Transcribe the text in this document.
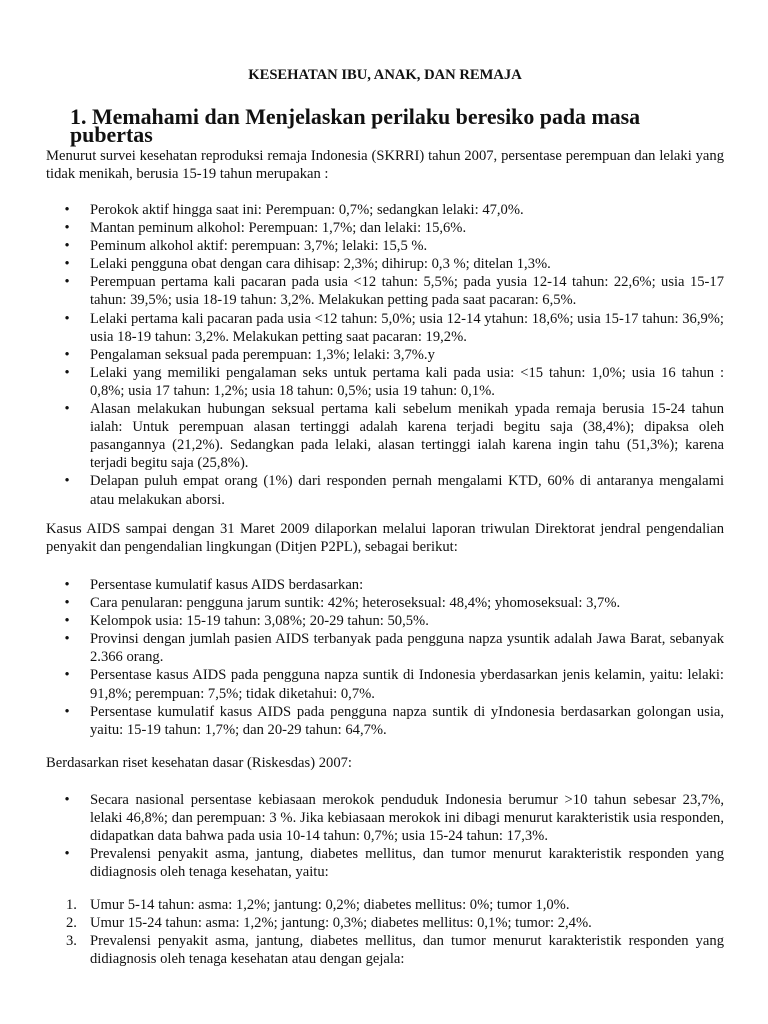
KESEHATAN IBU, ANAK, DAN REMAJA
1. Memahami dan Menjelaskan perilaku beresiko pada masa pubertas

Menurut survei kesehatan reproduksi remaja Indonesia (SKRRI) tahun 2007, persentase perempuan dan lelaki yang tidak menikah, berusia 15-19 tahun merupakan :

• Perokok aktif hingga saat ini: Perempuan: 0,7%; sedangkan lelaki: 47,0%.
• Mantan peminum alkohol: Perempuan: 1,7%; dan lelaki: 15,6%.
• Peminum alkohol aktif: perempuan: 3,7%; lelaki: 15,5 %.
• Lelaki pengguna obat dengan cara dihisap: 2,3%; dihirup: 0,3 %; ditelan 1,3%.
• Perempuan pertama kali pacaran pada usia <12 tahun: 5,5%; pada yusia 12-14 tahun: 22,6%; usia 15-17 tahun: 39,5%; usia 18-19 tahun: 3,2%. Melakukan petting pada saat pacaran: 6,5%.
• Lelaki pertama kali pacaran pada usia <12 tahun: 5,0%; usia 12-14 ytahun: 18,6%; usia 15-17 tahun: 36,9%; usia 18-19 tahun: 3,2%. Melakukan petting saat pacaran: 19,2%.
• Pengalaman seksual pada perempuan: 1,3%; lelaki: 3,7%.y
• Lelaki yang memiliki pengalaman seks untuk pertama kali pada usia: <15 tahun: 1,0%; usia 16 tahun : 0,8%; usia 17 tahun: 1,2%; usia 18 tahun: 0,5%; usia 19 tahun: 0,1%.
• Alasan melakukan hubungan seksual pertama kali sebelum menikah ypada remaja berusia 15-24 tahun ialah: Untuk perempuan alasan tertinggi adalah karena terjadi begitu saja (38,4%); dipaksa oleh pasangannya (21,2%). Sedangkan pada lelaki, alasan tertinggi ialah karena ingin tahu (51,3%); karena terjadi begitu saja (25,8%).
• Delapan puluh empat orang (1%) dari responden pernah mengalami KTD, 60% di antaranya mengalami atau melakukan aborsi.

Kasus AIDS sampai dengan 31 Maret 2009 dilaporkan melalui laporan triwulan Direktorat jendral pengendalian penyakit dan pengendalian lingkungan (Ditjen P2PL), sebagai berikut:

• Persentase kumulatif kasus AIDS berdasarkan:
• Cara penularan: pengguna jarum suntik: 42%; heteroseksual: 48,4%; yhomoseksual: 3,7%.
• Kelompok usia: 15-19 tahun: 3,08%; 20-29 tahun: 50,5%.
• Provinsi dengan jumlah pasien AIDS terbanyak pada pengguna napza ysuntik adalah Jawa Barat, sebanyak 2.366 orang.
• Persentase kasus AIDS pada pengguna napza suntik di Indonesia yberdasarkan jenis kelamin, yaitu: lelaki: 91,8%; perempuan: 7,5%; tidak diketahui: 0,7%.
• Persentase kumulatif kasus AIDS pada pengguna napza suntik di yIndonesia berdasarkan golongan usia, yaitu: 15-19 tahun: 1,7%; dan 20-29 tahun: 64,7%.

Berdasarkan riset kesehatan dasar (Riskesdas) 2007:

• Secara nasional persentase kebiasaan merokok penduduk Indonesia berumur >10 tahun sebesar 23,7%, lelaki 46,8%; dan perempuan: 3 %. Jika kebiasaan merokok ini dibagi menurut karakteristik usia responden, didapatkan data bahwa pada usia 10-14 tahun: 0,7%; usia 15-24 tahun: 17,3%.
• Prevalensi penyakit asma, jantung, diabetes mellitus, dan tumor menurut karakteristik responden yang didiagnosis oleh tenaga kesehatan, yaitu:
1. Umur 5-14 tahun: asma: 1,2%; jantung: 0,2%; diabetes mellitus: 0%; tumor 1,0%.
2. Umur 15-24 tahun: asma: 1,2%; jantung: 0,3%; diabetes mellitus: 0,1%; tumor: 2,4%.
3. Prevalensi penyakit asma, jantung, diabetes mellitus, dan tumor menurut karakteristik responden yang didiagnosis oleh tenaga kesehatan atau dengan gejala:
